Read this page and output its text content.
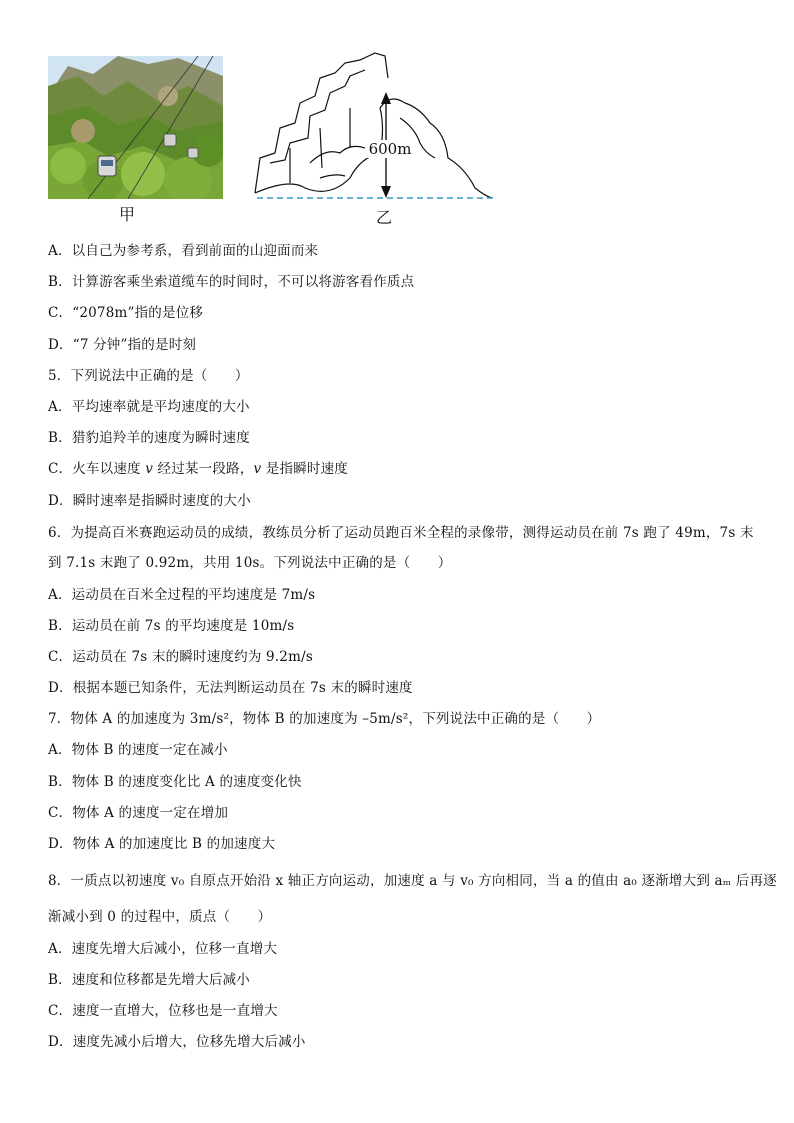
甲
600m
乙
A．以自己为参考系，看到前面的山迎面而来
B．计算游客乘坐索道缆车的时间时，不可以将游客看作质点
C．“2078m”指的是位移
D．“7 分钟”指的是时刻
5．下列说法中正确的是（　　）
A．平均速率就是平均速度的大小
B．猎豹追羚羊的速度为瞬时速度
C．火车以速度 v 经过某一段路，v 是指瞬时速度
D．瞬时速率是指瞬时速度的大小
6．为提高百米赛跑运动员的成绩，教练员分析了运动员跑百米全程的录像带，测得运动员在前 7s 跑了 49m，7s 末
到 7.1s 末跑了 0.92m，共用 10s。下列说法中正确的是（　　）
A．运动员在百米全过程的平均速度是 7m/s
B．运动员在前 7s 的平均速度是 10m/s
C．运动员在 7s 末的瞬时速度约为 9.2m/s
D．根据本题已知条件，无法判断运动员在 7s 末的瞬时速度
7．物体 A 的加速度为 3m/s²，物体 B 的加速度为 –5m/s²，下列说法中正确的是（　　）
A．物体 B 的速度一定在减小
B．物体 B 的速度变化比 A 的速度变化快
C．物体 A 的速度一定在增加
D．物体 A 的加速度比 B 的加速度大
8．一质点以初速度 v₀ 自原点开始沿 x 轴正方向运动，加速度 a 与 v₀ 方向相同，当 a 的值由 a₀ 逐渐增大到 aₘ 后再逐
渐减小到 0 的过程中，质点（　　）
A．速度先增大后减小，位移一直增大
B．速度和位移都是先增大后减小
C．速度一直增大，位移也是一直增大
D．速度先减小后增大，位移先增大后减小
